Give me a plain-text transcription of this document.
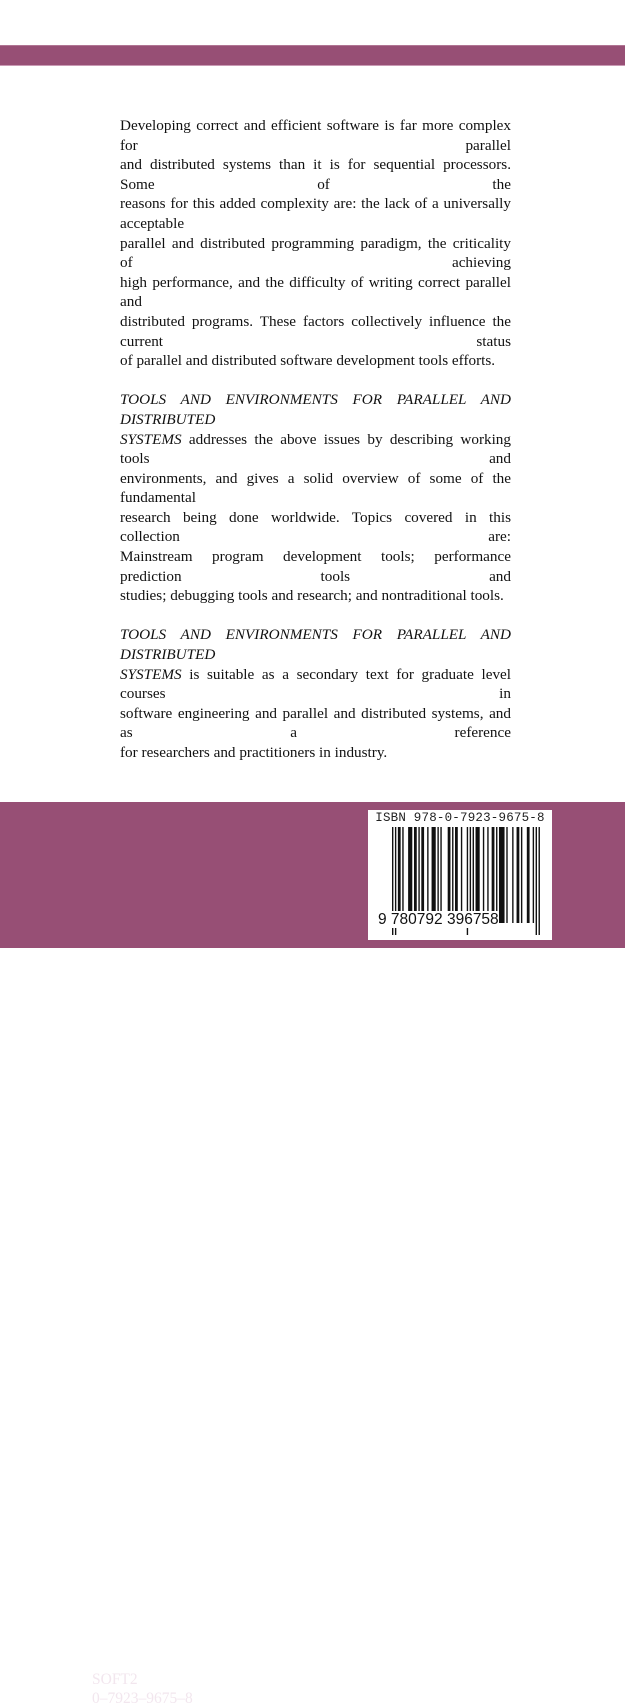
Developing correct and efficient software is far more complex for parallel
and distributed systems than it is for sequential processors. Some of the
reasons for this added complexity are: the lack of a universally acceptable
parallel and distributed programming paradigm, the criticality of achieving
high performance, and the difficulty of writing correct parallel and
distributed programs. These factors collectively influence the current status
of parallel and distributed software development tools efforts.
TOOLS AND ENVIRONMENTS FOR PARALLEL AND DISTRIBUTED
SYSTEMS addresses the above issues by describing working tools and
environments, and gives a solid overview of some of the fundamental
research being done worldwide. Topics covered in this collection are:
Mainstream program development tools; performance prediction tools and
studies; debugging tools and research; and nontraditional tools.
TOOLS AND ENVIRONMENTS FOR PARALLEL AND DISTRIBUTED
SYSTEMS is suitable as a secondary text for graduate level courses in
software engineering and parallel and distributed systems, and as a reference
for researchers and practitioners in industry.
SOFT2
0–7923–9675–8
ISBN 978-0-7923-9675-8
9 780792 396758
